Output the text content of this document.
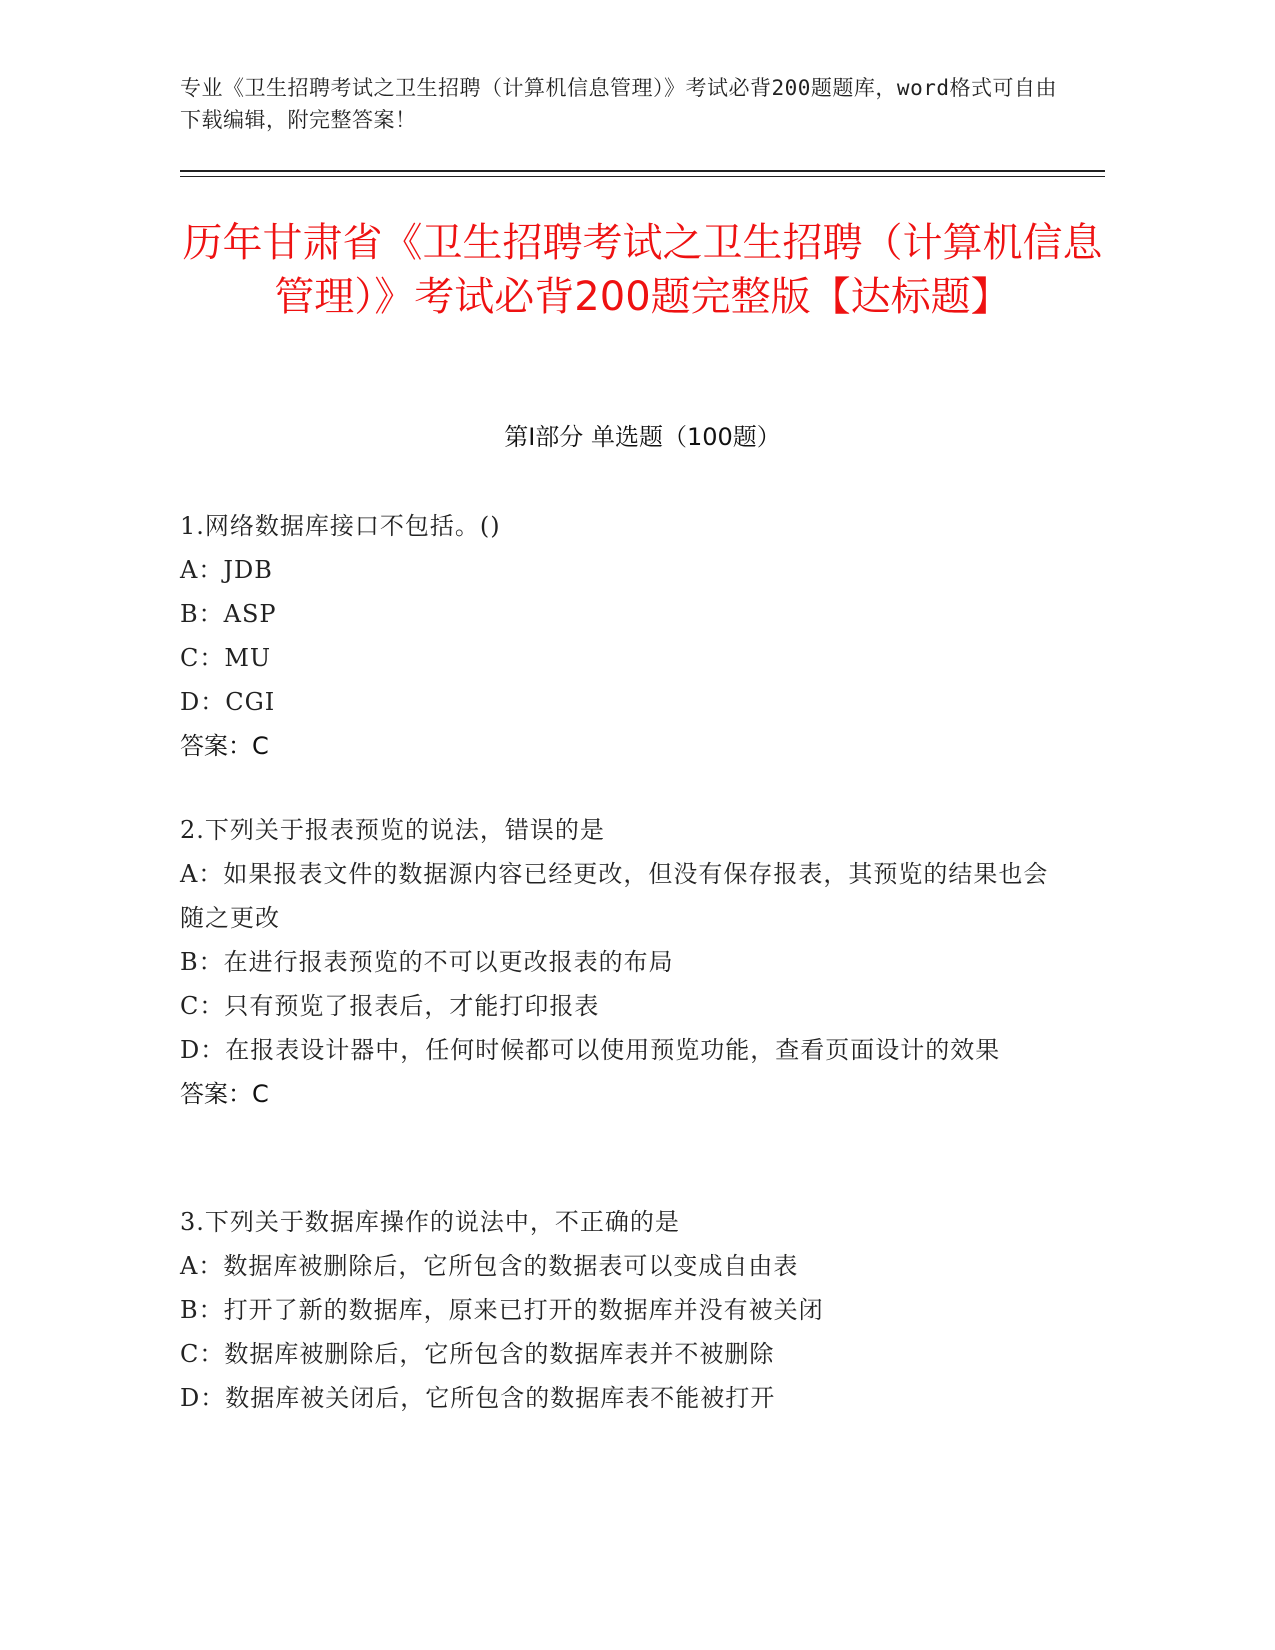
专业《卫生招聘考试之卫生招聘（计算机信息管理）》考试必背200题题库，word格式可自由下载编辑，附完整答案！
历年甘肃省《卫生招聘考试之卫生招聘（计算机信息管理）》考试必背200题完整版【达标题】
第Ⅰ部分 单选题（100题）
1.网络数据库接口不包括。()
A：JDB
B：ASP
C：MU
D：CGI
答案：C
2.下列关于报表预览的说法，错误的是
A：如果报表文件的数据源内容已经更改，但没有保存报表，其预览的结果也会随之更改
B：在进行报表预览的不可以更改报表的布局
C：只有预览了报表后，才能打印报表
D：在报表设计器中，任何时候都可以使用预览功能，查看页面设计的效果
答案：C
3.下列关于数据库操作的说法中，不正确的是
A：数据库被删除后，它所包含的数据表可以变成自由表
B：打开了新的数据库，原来已打开的数据库并没有被关闭
C：数据库被删除后，它所包含的数据库表并不被删除
D：数据库被关闭后，它所包含的数据库表不能被打开
